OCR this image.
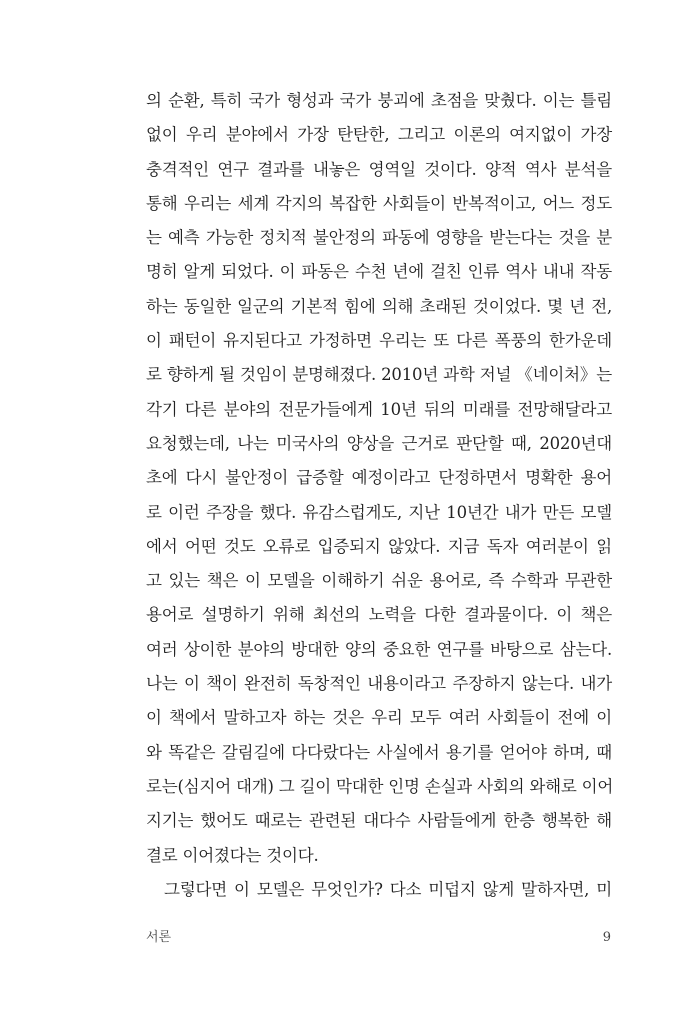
의 순환, 특히 국가 형성과 국가 붕괴에 초점을 맞췄다. 이는 틀림
없이 우리 분야에서 가장 탄탄한, 그리고 이론의 여지없이 가장
충격적인 연구 결과를 내놓은 영역일 것이다. 양적 역사 분석을
통해 우리는 세계 각지의 복잡한 사회들이 반복적이고, 어느 정도
는 예측 가능한 정치적 불안정의 파동에 영향을 받는다는 것을 분
명히 알게 되었다. 이 파동은 수천 년에 걸친 인류 역사 내내 작동
하는 동일한 일군의 기본적 힘에 의해 초래된 것이었다. 몇 년 전,
이 패턴이 유지된다고 가정하면 우리는 또 다른 폭풍의 한가운데
로 향하게 될 것임이 분명해졌다. 2010년 과학 저널 《네이처》는
각기 다른 분야의 전문가들에게 10년 뒤의 미래를 전망해달라고
요청했는데, 나는 미국사의 양상을 근거로 판단할 때, 2020년대
초에 다시 불안정이 급증할 예정이라고 단정하면서 명확한 용어
로 이런 주장을 했다. 유감스럽게도, 지난 10년간 내가 만든 모델
에서 어떤 것도 오류로 입증되지 않았다. 지금 독자 여러분이 읽
고 있는 책은 이 모델을 이해하기 쉬운 용어로, 즉 수학과 무관한
용어로 설명하기 위해 최선의 노력을 다한 결과물이다. 이 책은
여러 상이한 분야의 방대한 양의 중요한 연구를 바탕으로 삼는다.
나는 이 책이 완전히 독창적인 내용이라고 주장하지 않는다. 내가
이 책에서 말하고자 하는 것은 우리 모두 여러 사회들이 전에 이
와 똑같은 갈림길에 다다랐다는 사실에서 용기를 얻어야 하며, 때
로는(심지어 대개) 그 길이 막대한 인명 손실과 사회의 와해로 이어
지기는 했어도 때로는 관련된 대다수 사람들에게 한층 행복한 해
결로 이어졌다는 것이다.
그렇다면 이 모델은 무엇인가? 다소 미덥지 않게 말하자면, 미
서론	9
